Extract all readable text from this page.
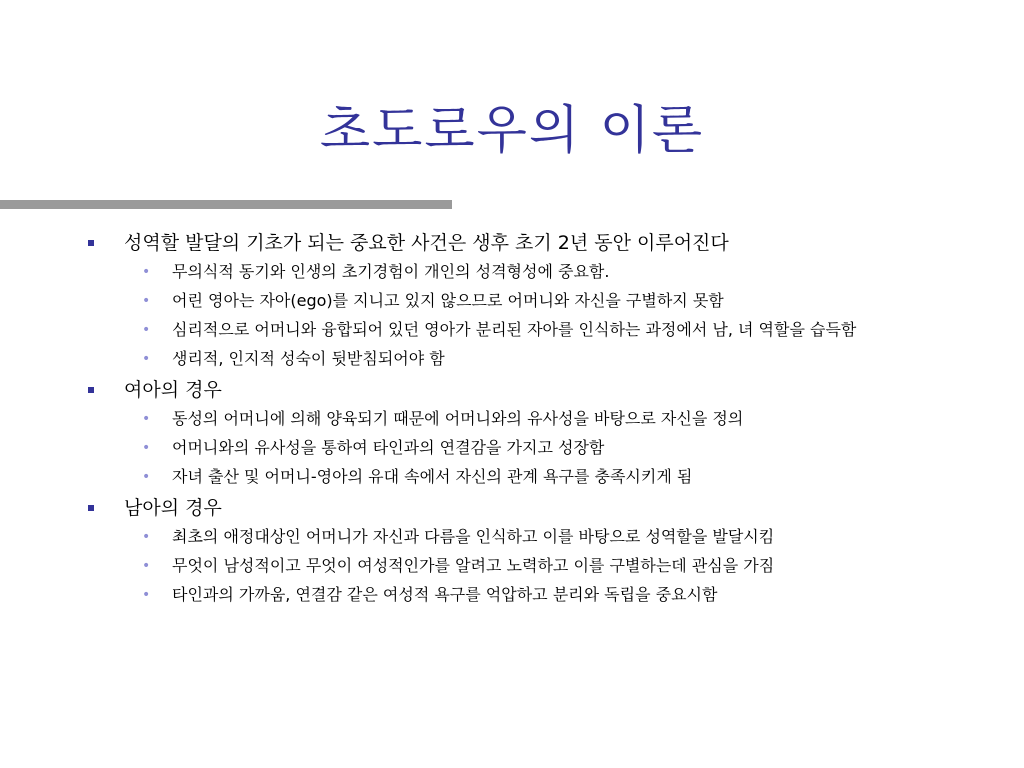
초도로우의 이론
성역할 발달의 기초가 되는 중요한 사건은 생후 초기 2년 동안 이루어진다
• 무의식적 동기와 인생의 초기경험이 개인의 성격형성에 중요함.
• 어린 영아는 자아(ego)를 지니고 있지 않으므로 어머니와 자신을 구별하지 못함
• 심리적으로 어머니와 융합되어 있던 영아가 분리된 자아를 인식하는 과정에서 남, 녀 역할을 습득함
• 생리적, 인지적 성숙이 뒷받침되어야 함
여아의 경우
• 동성의 어머니에 의해 양육되기 때문에 어머니와의 유사성을 바탕으로 자신을 정의
• 어머니와의 유사성을 통하여 타인과의 연결감을 가지고 성장함
• 자녀 출산 및 어머니-영아의 유대 속에서 자신의 관계 욕구를 충족시키게 됨
남아의 경우
• 최초의 애정대상인 어머니가 자신과 다름을 인식하고 이를 바탕으로 성역할을 발달시킴
• 무엇이 남성적이고 무엇이 여성적인가를 알려고 노력하고 이를 구별하는데 관심을 가짐
• 타인과의 가까움, 연결감 같은 여성적 욕구를 억압하고 분리와 독립을 중요시함
